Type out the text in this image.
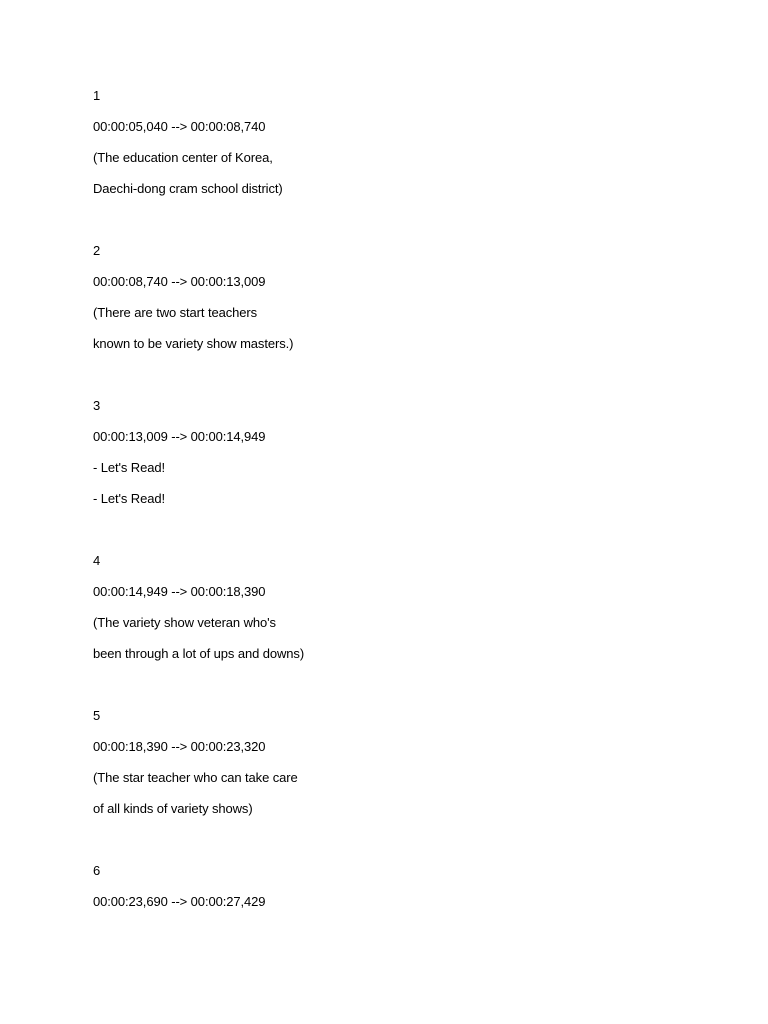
1
00:00:05,040 --> 00:00:08,740
(The education center of Korea,
Daechi-dong cram school district)
2
00:00:08,740 --> 00:00:13,009
(There are two start teachers
known to be variety show masters.)
3
00:00:13,009 --> 00:00:14,949
- Let's Read!
- Let's Read!
4
00:00:14,949 --> 00:00:18,390
(The variety show veteran who's
been through a lot of ups and downs)
5
00:00:18,390 --> 00:00:23,320
(The star teacher who can take care
of all kinds of variety shows)
6
00:00:23,690 --> 00:00:27,429
